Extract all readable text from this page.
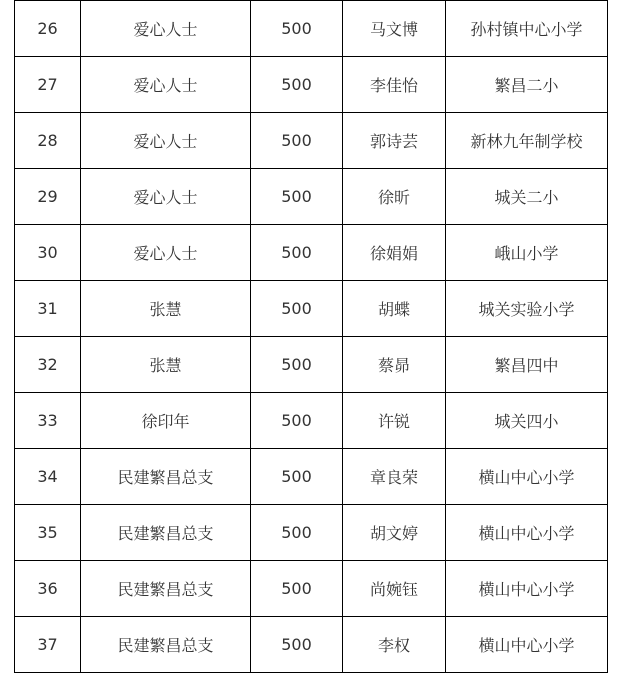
26	爱心人士	500	马文博	孙村镇中心小学
27	爱心人士	500	李佳怡	繁昌二小
28	爱心人士	500	郭诗芸	新林九年制学校
29	爱心人士	500	徐昕	城关二小
30	爱心人士	500	徐娟娟	峨山小学
31	张慧	500	胡蝶	城关实验小学
32	张慧	500	蔡昴	繁昌四中
33	徐印年	500	许锐	城关四小
34	民建繁昌总支	500	章良荣	横山中心小学
35	民建繁昌总支	500	胡文婷	横山中心小学
36	民建繁昌总支	500	尚婉钰	横山中心小学
37	民建繁昌总支	500	李权	横山中心小学
